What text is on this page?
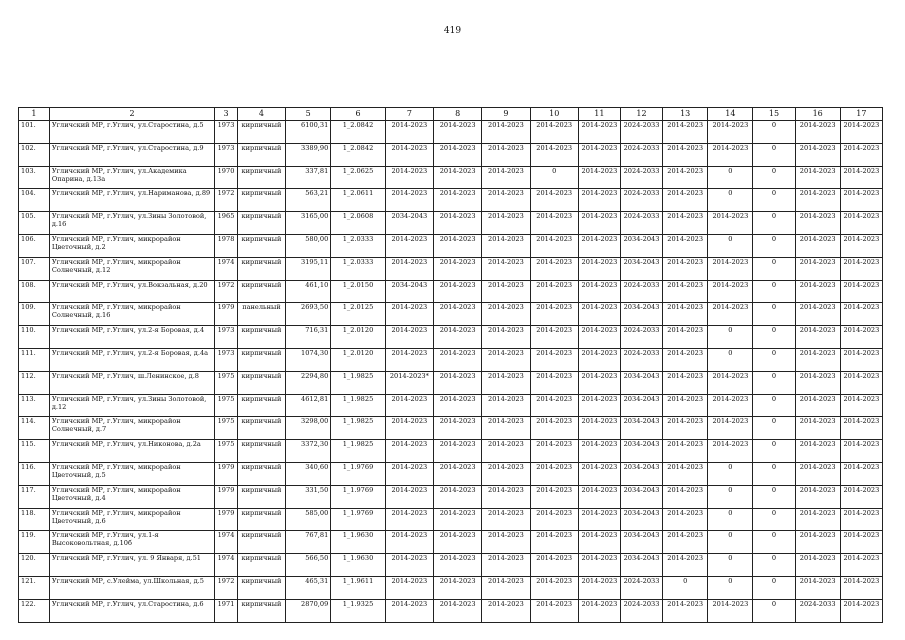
419
1	2	3	4	5	6	7	8	9	10	11	12	13	14	15	16	17
101.	Угличский МР, г.Углич, ул.Старостина, д.5	1973	кирпичный	6100,31	1_2.0842	2014-2023	2014-2023	2014-2023	2014-2023	2014-2023	2024-2033	2014-2023	2014-2023	0	2014-2023	2014-2023
102.	Угличский МР, г.Углич, ул.Старостина, д.9	1973	кирпичный	3389,90	1_2.0842	2014-2023	2014-2023	2014-2023	2014-2023	2014-2023	2024-2033	2014-2023	2014-2023	0	2014-2023	2014-2023
103.	Угличский МР, г.Углич, ул.Академика Опарина, д.13а	1970	кирпичный	337,81	1_2.0625	2014-2023	2014-2023	2014-2023	0	2014-2023	2024-2033	2014-2023	0	0	2014-2023	2014-2023
104.	Угличский МР, г.Углич, ул.Нариманова, д.89	1972	кирпичный	563,21	1_2.0611	2014-2023	2014-2023	2014-2023	2014-2023	2014-2023	2024-2033	2014-2023	0	0	2014-2023	2014-2023
105.	Угличский МР, г.Углич, ул.Зины Золотовой, д.16	1965	кирпичный	3165,00	1_2.0608	2034-2043	2014-2023	2014-2023	2014-2023	2014-2023	2024-2033	2014-2023	2014-2023	0	2014-2023	2014-2023
106.	Угличский МР, г.Углич, микрорайон Цветочный, д.2	1978	кирпичный	580,00	1_2.0333	2014-2023	2014-2023	2014-2023	2014-2023	2014-2023	2034-2043	2014-2023	0	0	2014-2023	2014-2023
107.	Угличский МР, г.Углич, микрорайон Солнечный, д.12	1974	кирпичный	3195,11	1_2.0333	2014-2023	2014-2023	2014-2023	2014-2023	2014-2023	2034-2043	2014-2023	2014-2023	0	2014-2023	2014-2023
108.	Угличский МР, г.Углич, ул.Вокзальная, д.20	1972	кирпичный	461,10	1_2.0150	2034-2043	2014-2023	2014-2023	2014-2023	2014-2023	2024-2033	2014-2023	2014-2023	0	2014-2023	2014-2023
109.	Угличский МР, г.Углич, микрорайон Солнечный, д.16	1979	панельный	2693,50	1_2.0125	2014-2023	2014-2023	2014-2023	2014-2023	2014-2023	2034-2043	2014-2023	2014-2023	0	2014-2023	2014-2023
110.	Угличский МР, г.Углич, ул.2-я Боровая, д.4	1973	кирпичный	716,31	1_2.0120	2014-2023	2014-2023	2014-2023	2014-2023	2014-2023	2024-2033	2014-2023	0	0	2014-2023	2014-2023
111.	Угличский МР, г.Углич, ул.2-я Боровая, д.4а	1973	кирпичный	1074,30	1_2.0120	2014-2023	2014-2023	2014-2023	2014-2023	2014-2023	2024-2033	2014-2023	0	0	2014-2023	2014-2023
112.	Угличский МР, г.Углич, ш.Ленинское, д.8	1975	кирпичный	2294,80	1_1.9825	2014-2023*	2014-2023	2014-2023	2014-2023	2014-2023	2034-2043	2014-2023	2014-2023	0	2014-2023	2014-2023
113.	Угличский МР, г.Углич, ул.Зины Золотовой, д.12	1975	кирпичный	4612,81	1_1.9825	2014-2023	2014-2023	2014-2023	2014-2023	2014-2023	2034-2043	2014-2023	2014-2023	0	2014-2023	2014-2023
114.	Угличский МР, г.Углич, микрорайон Солнечный, д.7	1975	кирпичный	3298,00	1_1.9825	2014-2023	2014-2023	2014-2023	2014-2023	2014-2023	2034-2043	2014-2023	2014-2023	0	2014-2023	2014-2023
115.	Угличский МР, г.Углич, ул.Никонова, д.2а	1975	кирпичный	3372,30	1_1.9825	2014-2023	2014-2023	2014-2023	2014-2023	2014-2023	2034-2043	2014-2023	2014-2023	0	2014-2023	2014-2023
116.	Угличский МР, г.Углич, микрорайон Цветочный, д.5	1979	кирпичный	340,60	1_1.9769	2014-2023	2014-2023	2014-2023	2014-2023	2014-2023	2034-2043	2014-2023	0	0	2014-2023	2014-2023
117.	Угличский МР, г.Углич, микрорайон Цветочный, д.4	1979	кирпичный	331,50	1_1.9769	2014-2023	2014-2023	2014-2023	2014-2023	2014-2023	2034-2043	2014-2023	0	0	2014-2023	2014-2023
118.	Угличский МР, г.Углич, микрорайон Цветочный, д.6	1979	кирпичный	585,00	1_1.9769	2014-2023	2014-2023	2014-2023	2014-2023	2014-2023	2034-2043	2014-2023	0	0	2014-2023	2014-2023
119.	Угличский МР, г.Углич, ул.1-я Высоковольтная, д.10б	1974	кирпичный	767,81	1_1.9630	2014-2023	2014-2023	2014-2023	2014-2023	2014-2023	2034-2043	2014-2023	0	0	2014-2023	2014-2023
120.	Угличский МР, г.Углич, ул. 9 Января, д.51	1974	кирпичный	566,50	1_1.9630	2014-2023	2014-2023	2014-2023	2014-2023	2014-2023	2034-2043	2014-2023	0	0	2014-2023	2014-2023
121.	Угличский МР, с.Улейма, ул.Школьная, д.5	1972	кирпичный	465,31	1_1.9611	2014-2023	2014-2023	2014-2023	2014-2023	2014-2023	2024-2033	0	0	0	2014-2023	2014-2023
122.	Угличский МР, г.Углич, ул.Старостина, д.6	1971	кирпичный	2870,09	1_1.9325	2014-2023	2014-2023	2014-2023	2014-2023	2014-2023	2024-2033	2014-2023	2014-2023	0	2024-2033	2014-2023
